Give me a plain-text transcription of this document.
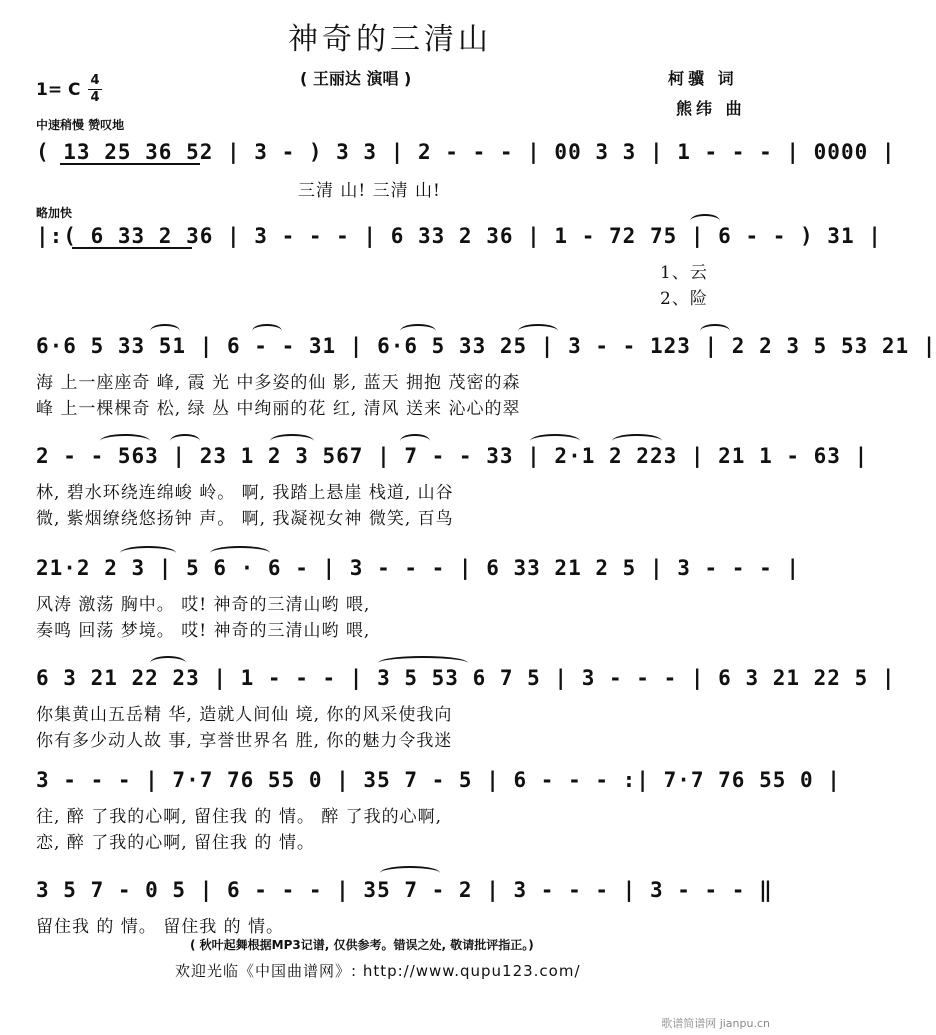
神奇的三清山
( 王丽达 演唱 )	柯骥 词
熊纬 曲
1= C 4
4
中速稍慢 赞叹地
( 13 25 36 52 | 3 - ) 3 3 | 2 - - - | 00 3 3 | 1 - - - | 0000 |
三清 山! 三清 山!
略加快
|:( 6 33 2 36 | 3 - - - | 6 33 2 36 | 1 - 72 75 | 6 - - ) 31 |
1、云
2、险
6·6 5 33 51 | 6 - - 31 | 6·6 5 33 25 | 3 - - 123 | 2 2 3 5 53 21 |
海 上一座座奇 峰, 霞 光 中多姿的仙 影, 蓝天 拥抱 茂密的森
峰 上一棵棵奇 松, 绿 丛 中绚丽的花 红, 清风 送来 沁心的翠
2 - - 563 | 23 1 2 3 567 | 7 - - 33 | 2·1 2 223 | 21 1 - 63 |
林, 碧水环绕连绵峻 岭。 啊, 我踏上悬崖 栈道, 山谷
微, 紫烟缭绕悠扬钟 声。 啊, 我凝视女神 微笑, 百鸟
21·2 2 3 | 5 6 · 6 - | 3 - - - | 6 33 21 2 5 | 3 - - - |
风涛 激荡 胸中。 哎! 神奇的三清山哟 喂,
奏鸣 回荡 梦境。 哎! 神奇的三清山哟 喂,
6 3 21 22 23 | 1 - - - | 3 5 53 6 7 5 | 3 - - - | 6 3 21 22 5 |
你集黄山五岳精 华, 造就人间仙 境, 你的风采使我向
你有多少动人故 事, 享誉世界名 胜, 你的魅力令我迷
3 - - - | 7·7 76 55 0 | 35 7 - 5 | 6 - - - :| 7·7 76 55 0 |
往, 醉 了我的心啊, 留住我 的 情。 醉 了我的心啊,
恋, 醉 了我的心啊, 留住我 的 情。
3 5 7 - 0 5 | 6 - - - | 35 7 - 2 | 3 - - - | 3 - - - ‖
留住我 的 情。 留住我 的 情。
( 秋叶起舞根据MP3记谱, 仅供参考。错误之处, 敬请批评指正。)
欢迎光临《中国曲谱网》: http://www.qupu123.com/
歌谱简谱网 jianpu.cn
